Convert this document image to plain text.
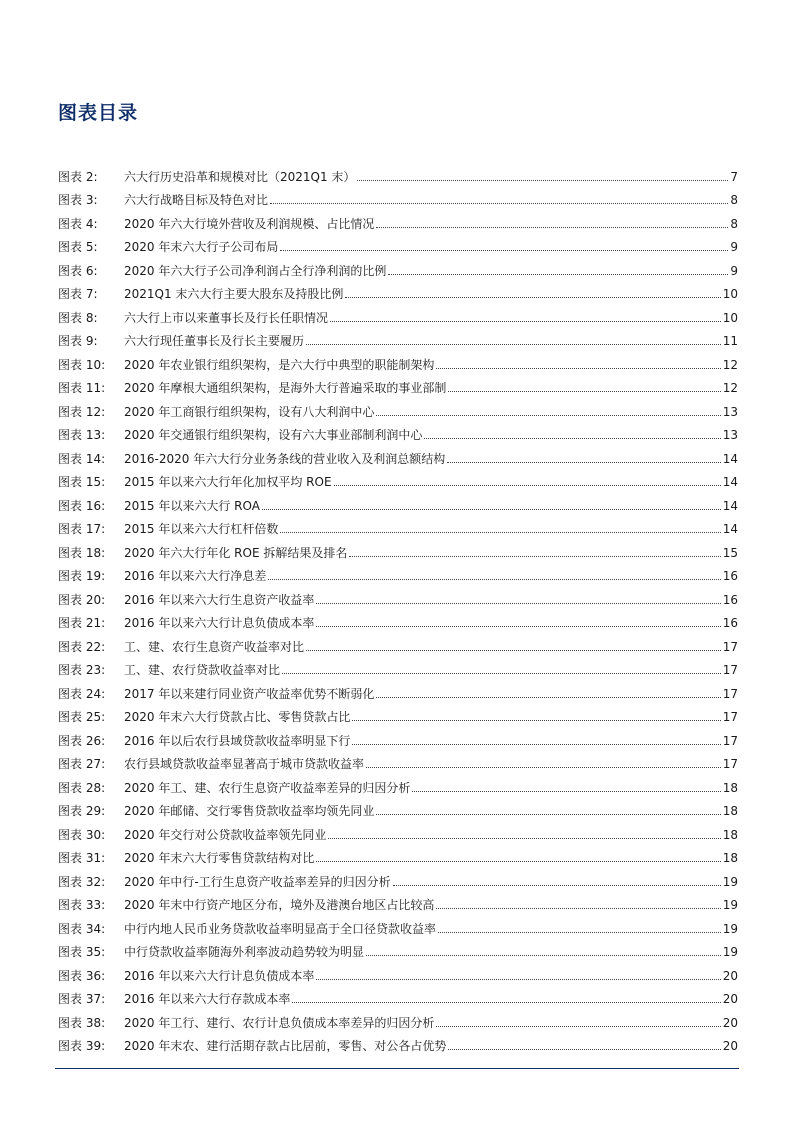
图表目录
图表 2:	六大行历史沿革和规模对比（2021Q1 末）	7
图表 3:	六大行战略目标及特色对比	8
图表 4:	2020 年六大行境外营收及利润规模、占比情况	8
图表 5:	2020 年末六大行子公司布局	9
图表 6:	2020 年六大行子公司净利润占全行净利润的比例	9
图表 7:	2021Q1 末六大行主要大股东及持股比例	10
图表 8:	六大行上市以来董事长及行长任职情况	10
图表 9:	六大行现任董事长及行长主要履历	11
图表 10:	2020 年农业银行组织架构，是六大行中典型的职能制架构	12
图表 11:	2020 年摩根大通组织架构，是海外大行普遍采取的事业部制	12
图表 12:	2020 年工商银行组织架构，设有八大利润中心	13
图表 13:	2020 年交通银行组织架构，设有六大事业部制利润中心	13
图表 14:	2016-2020 年六大行分业务条线的营业收入及利润总额结构	14
图表 15:	2015 年以来六大行年化加权平均 ROE	14
图表 16:	2015 年以来六大行 ROA	14
图表 17:	2015 年以来六大行杠杆倍数	14
图表 18:	2020 年六大行年化 ROE 拆解结果及排名	15
图表 19:	2016 年以来六大行净息差	16
图表 20:	2016 年以来六大行生息资产收益率	16
图表 21:	2016 年以来六大行计息负债成本率	16
图表 22:	工、建、农行生息资产收益率对比	17
图表 23:	工、建、农行贷款收益率对比	17
图表 24:	2017 年以来建行同业资产收益率优势不断弱化	17
图表 25:	2020 年末六大行贷款占比、零售贷款占比	17
图表 26:	2016 年以后农行县域贷款收益率明显下行	17
图表 27:	农行县域贷款收益率显著高于城市贷款收益率	17
图表 28:	2020 年工、建、农行生息资产收益率差异的归因分析	18
图表 29:	2020 年邮储、交行零售贷款收益率均领先同业	18
图表 30:	2020 年交行对公贷款收益率领先同业	18
图表 31:	2020 年末六大行零售贷款结构对比	18
图表 32:	2020 年中行-工行生息资产收益率差异的归因分析	19
图表 33:	2020 年末中行资产地区分布，境外及港澳台地区占比较高	19
图表 34:	中行内地人民币业务贷款收益率明显高于全口径贷款收益率	19
图表 35:	中行贷款收益率随海外利率波动趋势较为明显	19
图表 36:	2016 年以来六大行计息负债成本率	20
图表 37:	2016 年以来六大行存款成本率	20
图表 38:	2020 年工行、建行、农行计息负债成本率差异的归因分析	20
图表 39:	2020 年末农、建行活期存款占比居前，零售、对公各占优势	20
